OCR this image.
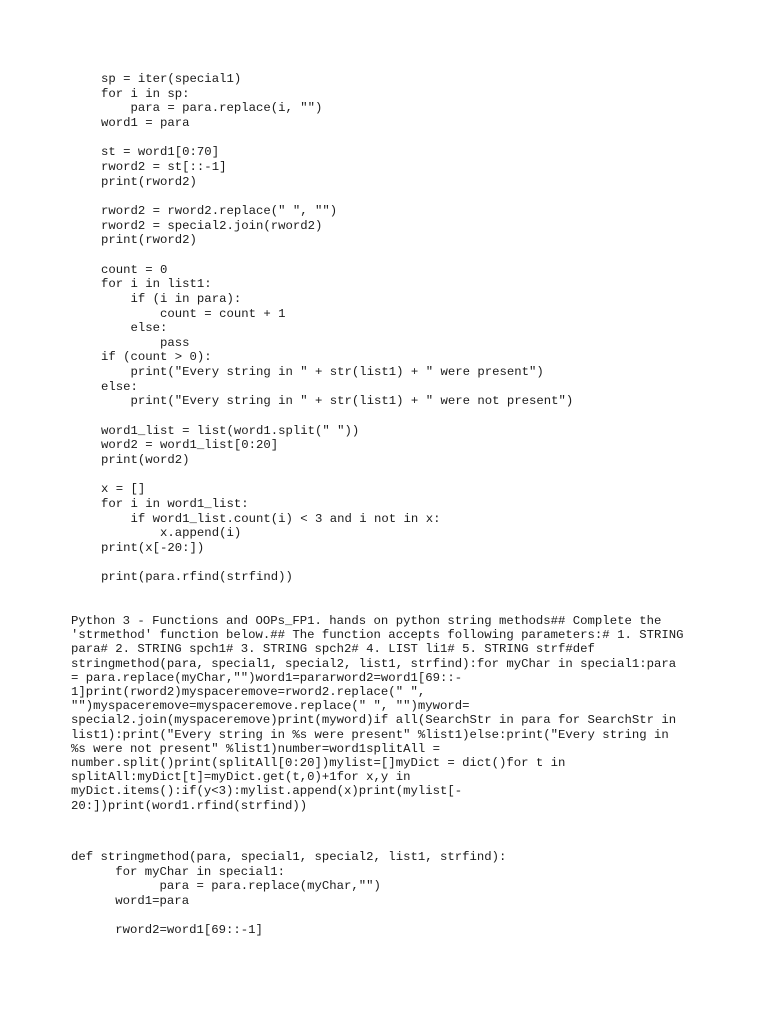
sp = iter(special1)
for i in sp:
para = para.replace(i, "")
word1 = para

st = word1[0:70]
rword2 = st[::-1]
print(rword2)

rword2 = rword2.replace(" ", "")
rword2 = special2.join(rword2)
print(rword2)

count = 0
for i in list1:
if (i in para):
count = count + 1
else:
pass
if (count > 0):
print("Every string in " + str(list1) + " were present")
else:
print("Every string in " + str(list1) + " were not present")

word1_list = list(word1.split(" "))
word2 = word1_list[0:20]
print(word2)

x = []
for i in word1_list:
if word1_list.count(i) < 3 and i not in x:
x.append(i)
print(x[-20:])

print(para.rfind(strfind))
Python 3 - Functions and OOPs_FP1. hands on python string methods## Complete the
'strmethod' function below.## The function accepts following parameters:# 1. STRING
para# 2. STRING spch1# 3. STRING spch2# 4. LIST li1# 5. STRING strf#def
stringmethod(para, special1, special2, list1, strfind):for myChar in special1:para
= para.replace(myChar,"")word1=pararword2=word1[69::-
1]print(rword2)myspaceremove=rword2.replace(" ",
"")myspaceremove=myspaceremove.replace(" ", "")myword=
special2.join(myspaceremove)print(myword)if all(SearchStr in para for SearchStr in
list1):print("Every string in %s were present" %list1)else:print("Every string in
%s were not present" %list1)number=word1splitAll =
number.split()print(splitAll[0:20])mylist=[]myDict = dict()for t in
splitAll:myDict[t]=myDict.get(t,0)+1for x,y in
myDict.items():if(y<3):mylist.append(x)print(mylist[-
20:])print(word1.rfind(strfind))
def stringmethod(para, special1, special2, list1, strfind):
for myChar in special1:
para = para.replace(myChar,"")
word1=para

rword2=word1[69::-1]
